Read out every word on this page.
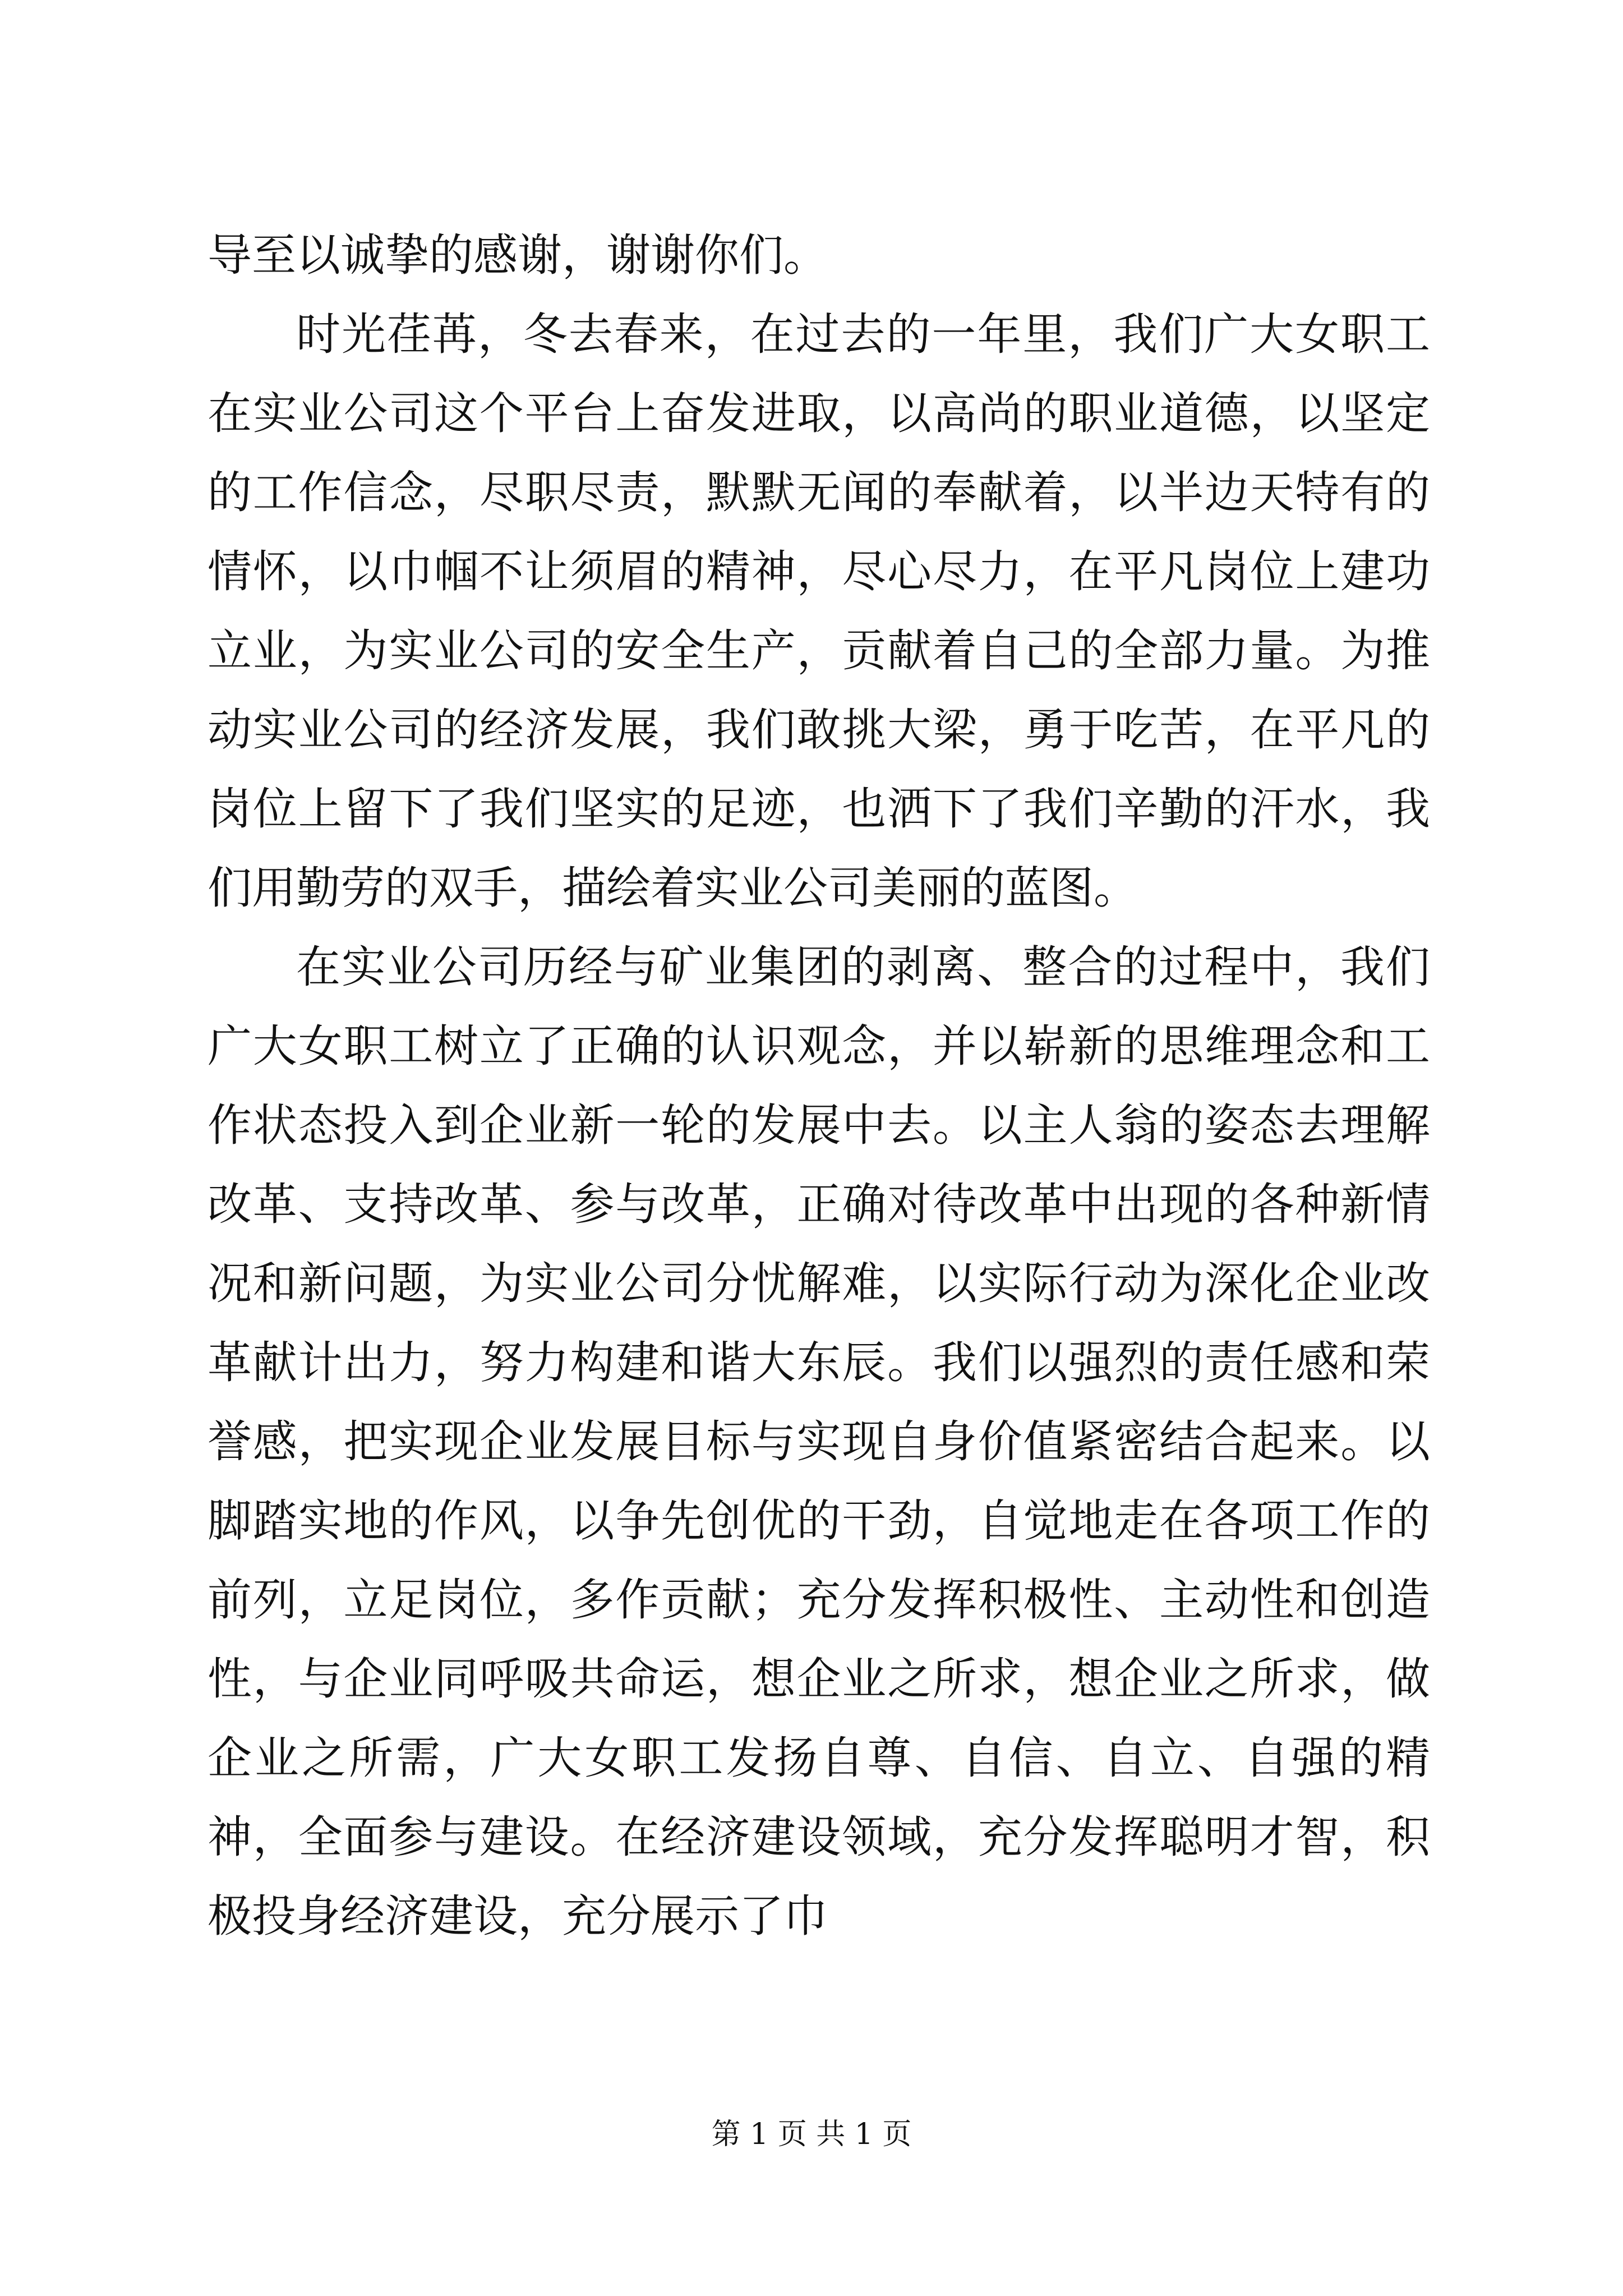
导至以诚挚的感谢，谢谢你们。

时光荏苒，冬去春来，在过去的一年里，我们广大女职工在实业公司这个平台上奋发进取，以高尚的职业道德，以坚定的工作信念，尽职尽责，默默无闻的奉献着，以半边天特有的情怀，以巾帼不让须眉的精神，尽心尽力，在平凡岗位上建功立业，为实业公司的安全生产，贡献着自己的全部力量。为推动实业公司的经济发展，我们敢挑大梁，勇于吃苦，在平凡的岗位上留下了我们坚实的足迹，也洒下了我们辛勤的汗水，我们用勤劳的双手，描绘着实业公司美丽的蓝图。

在实业公司历经与矿业集团的剥离、整合的过程中，我们广大女职工树立了正确的认识观念，并以崭新的思维理念和工作状态投入到企业新一轮的发展中去。以主人翁的姿态去理解改革、支持改革、参与改革，正确对待改革中出现的各种新情况和新问题，为实业公司分忧解难，以实际行动为深化企业改革献计出力，努力构建和谐大东辰。我们以强烈的责任感和荣誉感，把实现企业发展目标与实现自身价值紧密结合起来。以脚踏实地的作风，以争先创优的干劲，自觉地走在各项工作的前列，立足岗位，多作贡献；充分发挥积极性、主动性和创造性，与企业同呼吸共命运，想企业之所求，想企业之所求，做企业之所需，广大女职工发扬自尊、自信、自立、自强的精神，全面参与建设。在经济建设领域，充分发挥聪明才智，积极投身经济建设，充分展示了巾

第 1 页 共 1 页
